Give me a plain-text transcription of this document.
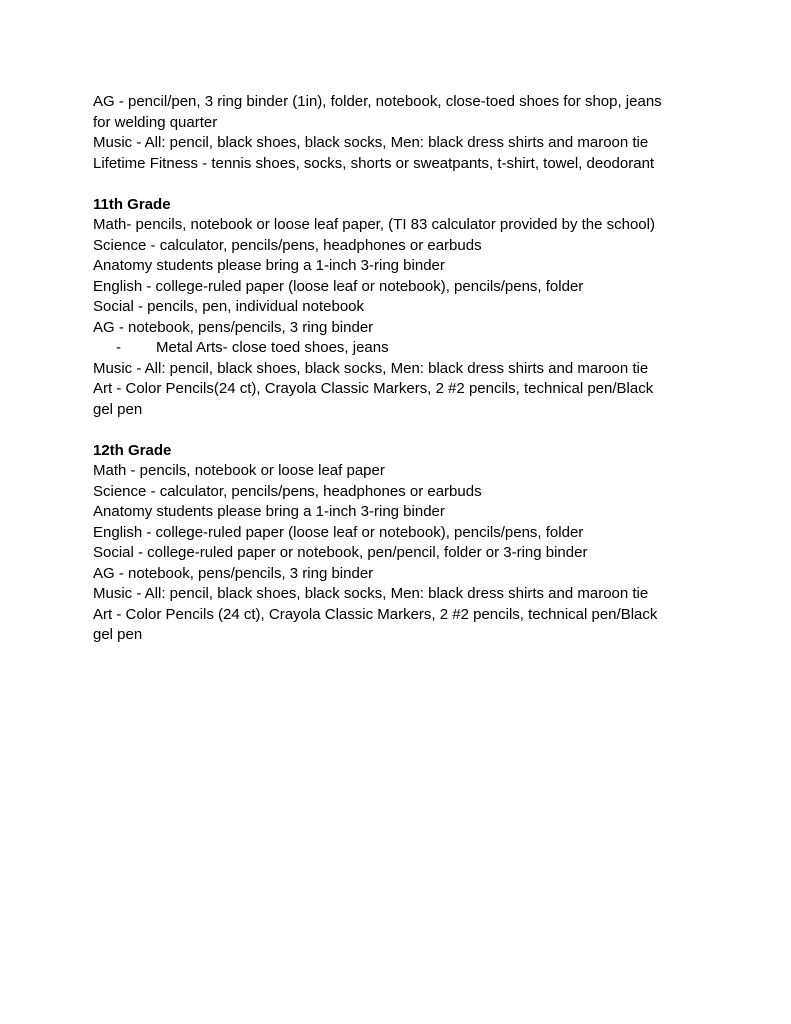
AG - pencil/pen, 3 ring binder (1in), folder, notebook, close-toed shoes for shop, jeans

for welding quarter

Music - All: pencil, black shoes, black socks, Men: black dress shirts and maroon tie

Lifetime Fitness - tennis shoes, socks, shorts or sweatpants, t-shirt, towel, deodorant

11th Grade

Math- pencils, notebook or loose leaf paper, (TI 83 calculator provided by the school)

Science - calculator, pencils/pens, headphones or earbuds

Anatomy students please bring a 1-inch 3-ring binder

English - college-ruled paper (loose leaf or notebook), pencils/pens, folder

Social - pencils, pen, individual notebook

AG - notebook, pens/pencils, 3 ring binder

-	Metal Arts- close toed shoes, jeans

Music - All: pencil, black shoes, black socks, Men: black dress shirts and maroon tie

Art - Color Pencils(24 ct), Crayola Classic Markers, 2 #2 pencils, technical pen/Black

gel pen

12th Grade

Math - pencils, notebook or loose leaf paper

Science - calculator, pencils/pens, headphones or earbuds

Anatomy students please bring a 1-inch 3-ring binder

English - college-ruled paper (loose leaf or notebook), pencils/pens, folder

Social - college-ruled paper or notebook, pen/pencil, folder or 3-ring binder

AG - notebook, pens/pencils, 3 ring binder

Music - All: pencil, black shoes, black socks, Men: black dress shirts and maroon tie

Art - Color Pencils (24 ct), Crayola Classic Markers, 2 #2 pencils, technical pen/Black

gel pen
